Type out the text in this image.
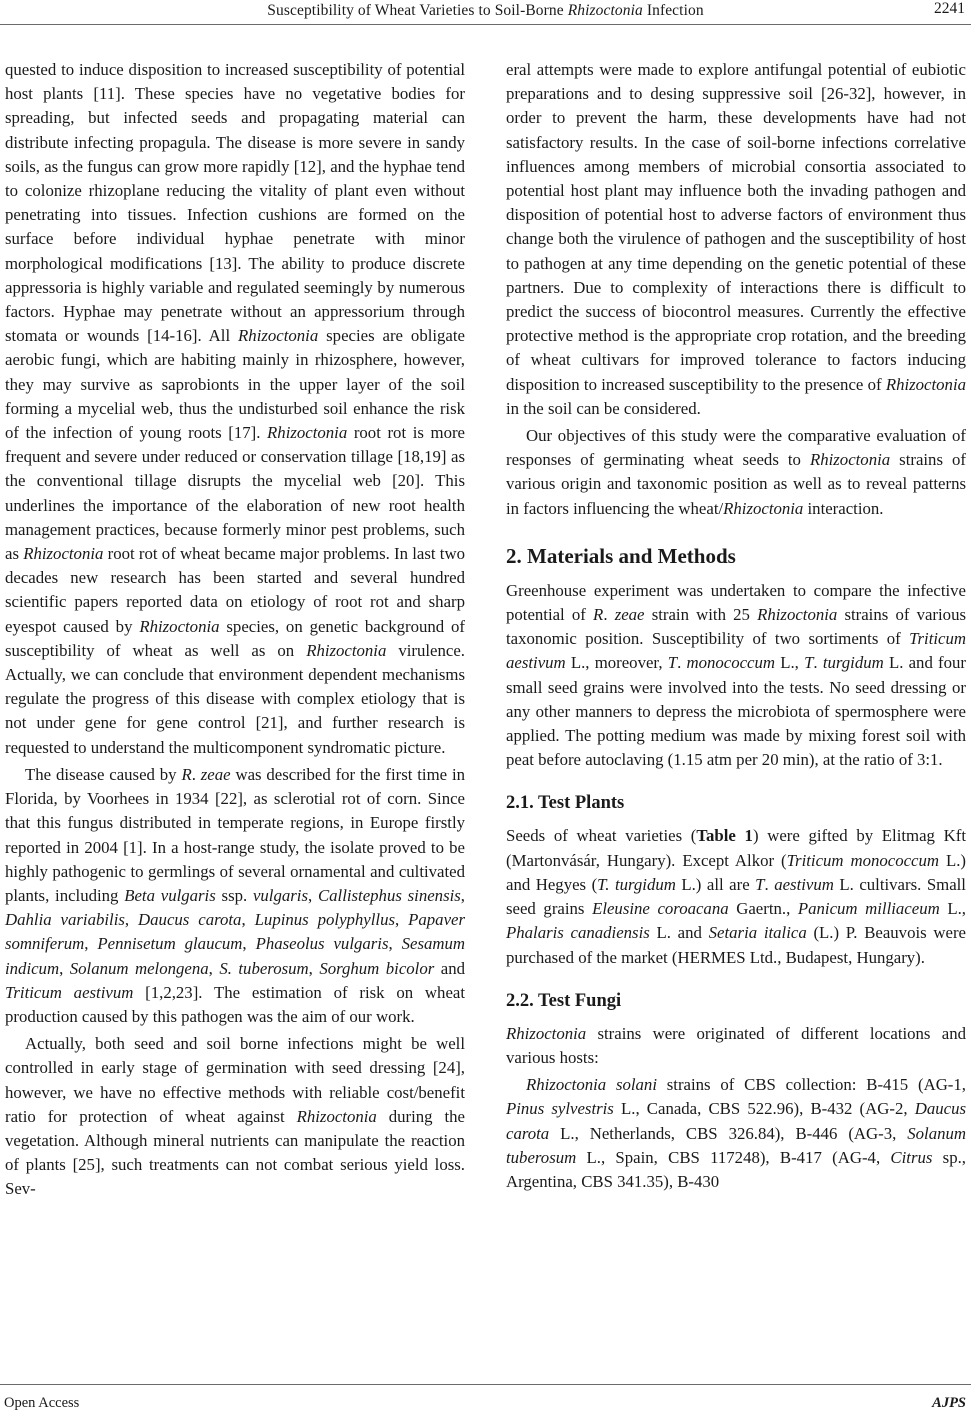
Susceptibility of Wheat Varieties to Soil-Borne Rhizoctonia Infection	2241

quested to induce disposition to increased susceptibility of potential host plants [11]. These species have no vegetative bodies for spreading, but infected seeds and propagating material can distribute infecting propagula. The disease is more severe in sandy soils, as the fungus can grow more rapidly [12], and the hyphae tend to colonize rhizoplane reducing the vitality of plant even without penetrating into tissues. Infection cushions are formed on the surface before individual hyphae penetrate with minor morphological modifications [13]. The ability to produce discrete appressoria is highly variable and regulated seemingly by numerous factors. Hyphae may penetrate without an appressorium through stomata or wounds [14-16]. All Rhizoctonia species are obligate aerobic fungi, which are habiting mainly in rhizosphere, however, they may survive as saprobionts in the upper layer of the soil forming a mycelial web, thus the undisturbed soil enhance the risk of the infection of young roots [17]. Rhizoctonia root rot is more frequent and severe under reduced or conservation tillage [18,19] as the conventional tillage disrupts the mycelial web [20]. This underlines the importance of the elaboration of new root health management practices, because formerly minor pest problems, such as Rhizoctonia root rot of wheat became major problems. In last two decades new research has been started and several hundred scientific papers reported data on etiology of root rot and sharp eyespot caused by Rhizoctonia species, on genetic background of susceptibility of wheat as well as on Rhizoctonia virulence. Actually, we can conclude that environment dependent mechanisms regulate the progress of this disease with complex etiology that is not under gene for gene control [21], and further research is requested to understand the multicomponent syndromatic picture.

The disease caused by R. zeae was described for the first time in Florida, by Voorhees in 1934 [22], as sclerotial rot of corn. Since that this fungus distributed in temperate regions, in Europe firstly reported in 2004 [1]. In a host-range study, the isolate proved to be highly pathogenic to germlings of several ornamental and cultivated plants, including Beta vulgaris ssp. vulgaris, Callistephus sinensis, Dahlia variabilis, Daucus carota, Lupinus polyphyllus, Papaver somniferum, Pennisetum glaucum, Phaseolus vulgaris, Sesamum indicum, Solanum melongena, S. tuberosum, Sorghum bicolor and Triticum aestivum [1,2,23]. The estimation of risk on wheat production caused by this pathogen was the aim of our work.

Actually, both seed and soil borne infections might be well controlled in early stage of germination with seed dressing [24], however, we have no effective methods with reliable cost/benefit ratio for protection of wheat against Rhizoctonia during the vegetation. Although mineral nutrients can manipulate the reaction of plants [25], such treatments can not combat serious yield loss. Sev-

eral attempts were made to explore antifungal potential of eubiotic preparations and to desing suppressive soil [26-32], however, in order to prevent the harm, these developments have had not satisfactory results. In the case of soil-borne infections correlative influences among members of microbial consortia associated to potential host plant may influence both the invading pathogen and disposition of potential host to adverse factors of environment thus change both the virulence of pathogen and the susceptibility of host to pathogen at any time depending on the genetic potential of these partners. Due to complexity of interactions there is difficult to predict the success of biocontrol measures. Currently the effective protective method is the appropriate crop rotation, and the breeding of wheat cultivars for improved tolerance to factors inducing disposition to increased susceptibility to the presence of Rhizoctonia in the soil can be considered.

Our objectives of this study were the comparative evaluation of responses of germinating wheat seeds to Rhizoctonia strains of various origin and taxonomic position as well as to reveal patterns in factors influencing the wheat/Rhizoctonia interaction.

2. Materials and Methods

Greenhouse experiment was undertaken to compare the infective potential of R. zeae strain with 25 Rhizoctonia strains of various taxonomic position. Susceptibility of two sortiments of Triticum aestivum L., moreover, T. monococcum L., T. turgidum L. and four small seed grains were involved into the tests. No seed dressing or any other manners to depress the microbiota of spermosphere were applied. The potting medium was made by mixing forest soil with peat before autoclaving (1.15 atm per 20 min), at the ratio of 3:1.

2.1. Test Plants

Seeds of wheat varieties (Table 1) were gifted by Elitmag Kft (Martonvásár, Hungary). Except Alkor (Triticum monococcum L.) and Hegyes (T. turgidum L.) all are T. aestivum L. cultivars. Small seed grains Eleusine coroacana Gaertn., Panicum milliaceum L., Phalaris canadiensis L. and Setaria italica (L.) P. Beauvois were purchased of the market (HERMES Ltd., Budapest, Hungary).

2.2. Test Fungi

Rhizoctonia strains were originated of different locations and various hosts:

Rhizoctonia solani strains of CBS collection: B-415 (AG-1, Pinus sylvestris L., Canada, CBS 522.96), B-432 (AG-2, Daucus carota L., Netherlands, CBS 326.84), B-446 (AG-3, Solanum tuberosum L., Spain, CBS 117248), B-417 (AG-4, Citrus sp., Argentina, CBS 341.35), B-430

Open Access	AJPS
